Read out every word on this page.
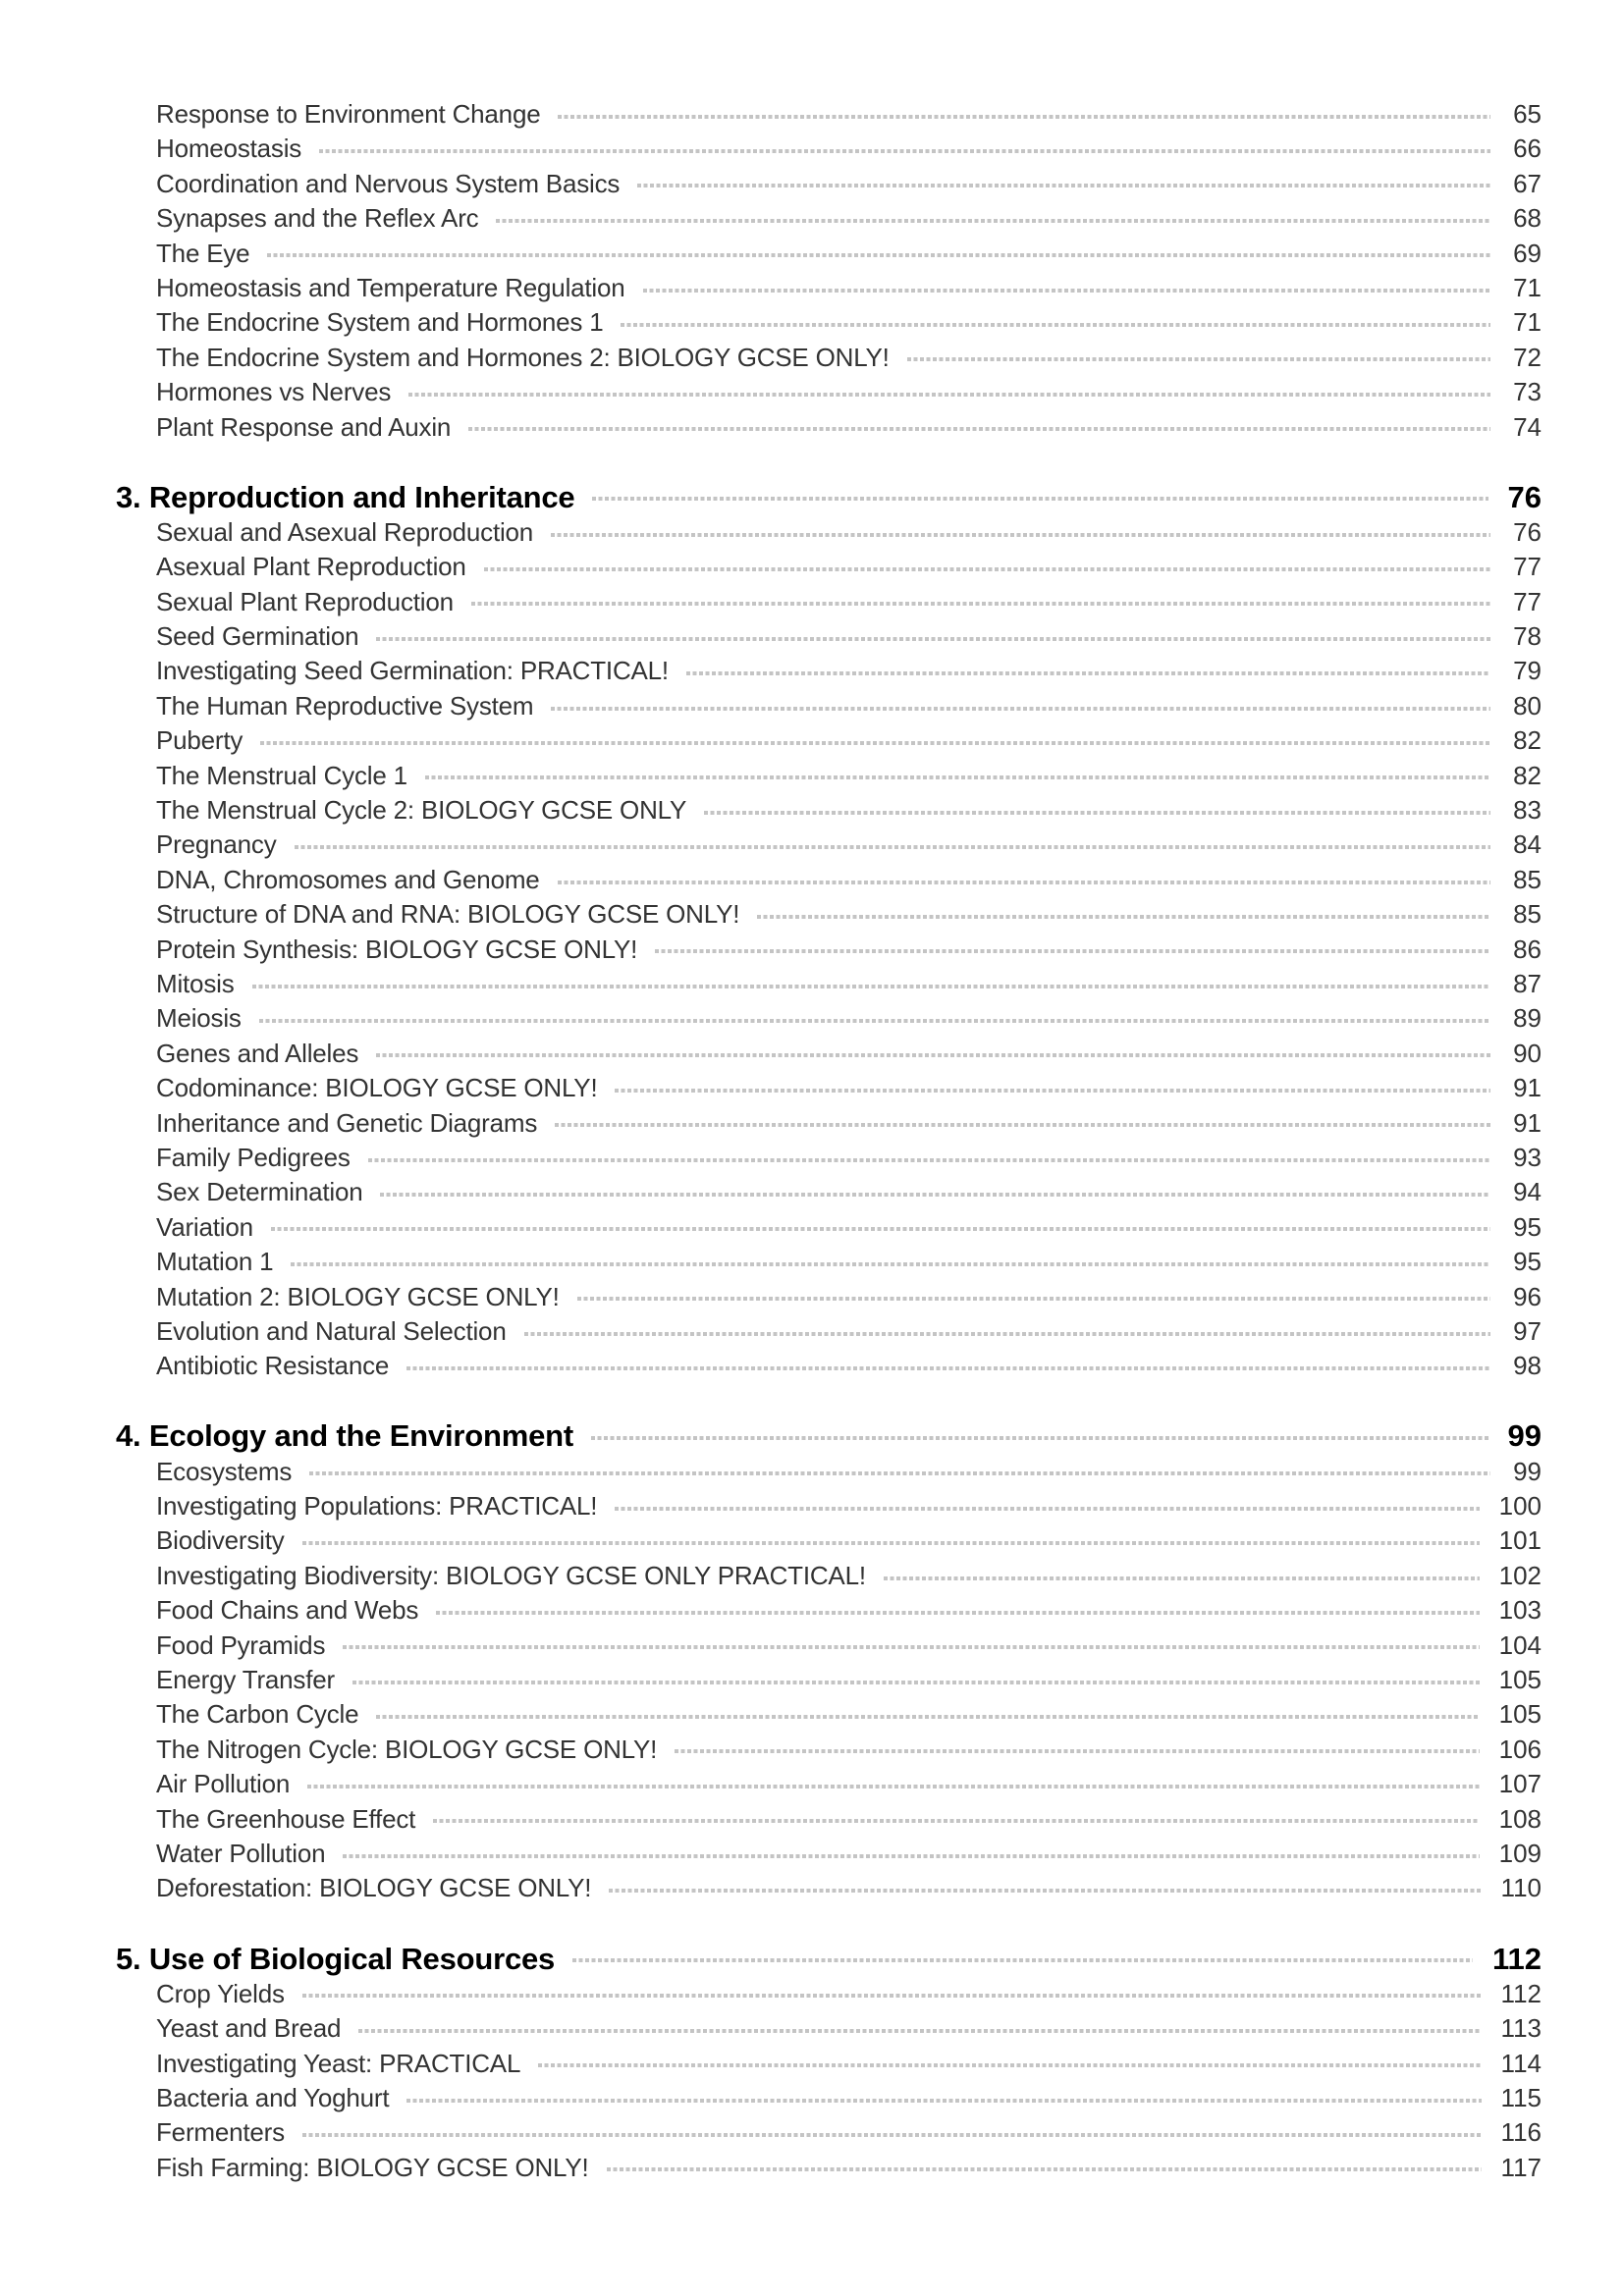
Response to Environment Change	65
Homeostasis	66
Coordination and Nervous System Basics	67
Synapses and the Reflex Arc	68
The Eye	69
Homeostasis and Temperature Regulation	71
The Endocrine System and Hormones 1	71
The Endocrine System and Hormones 2: BIOLOGY GCSE ONLY!	72
Hormones vs Nerves	73
Plant Response and Auxin	74
3. Reproduction and Inheritance	76
Sexual and Asexual Reproduction	76
Asexual Plant Reproduction	77
Sexual Plant Reproduction	77
Seed Germination	78
Investigating Seed Germination: PRACTICAL!	79
The Human Reproductive System	80
Puberty	82
The Menstrual Cycle 1	82
The Menstrual Cycle 2: BIOLOGY GCSE ONLY	83
Pregnancy	84
DNA, Chromosomes and Genome	85
Structure of DNA and RNA: BIOLOGY GCSE ONLY!	85
Protein Synthesis: BIOLOGY GCSE ONLY!	86
Mitosis	87
Meiosis	89
Genes and Alleles	90
Codominance: BIOLOGY GCSE ONLY!	91
Inheritance and Genetic Diagrams	91
Family Pedigrees	93
Sex Determination	94
Variation	95
Mutation 1	95
Mutation 2: BIOLOGY GCSE ONLY!	96
Evolution and Natural Selection	97
Antibiotic Resistance	98
4. Ecology and the Environment	99
Ecosystems	99
Investigating Populations: PRACTICAL!	100
Biodiversity	101
Investigating Biodiversity: BIOLOGY GCSE ONLY PRACTICAL!	102
Food Chains and Webs	103
Food Pyramids	104
Energy Transfer	105
The Carbon Cycle	105
The Nitrogen Cycle: BIOLOGY GCSE ONLY!	106
Air Pollution	107
The Greenhouse Effect	108
Water Pollution	109
Deforestation: BIOLOGY GCSE ONLY!	110
5. Use of Biological Resources	112
Crop Yields	112
Yeast and Bread	113
Investigating Yeast: PRACTICAL	114
Bacteria and Yoghurt	115
Fermenters	116
Fish Farming: BIOLOGY GCSE ONLY!	117
